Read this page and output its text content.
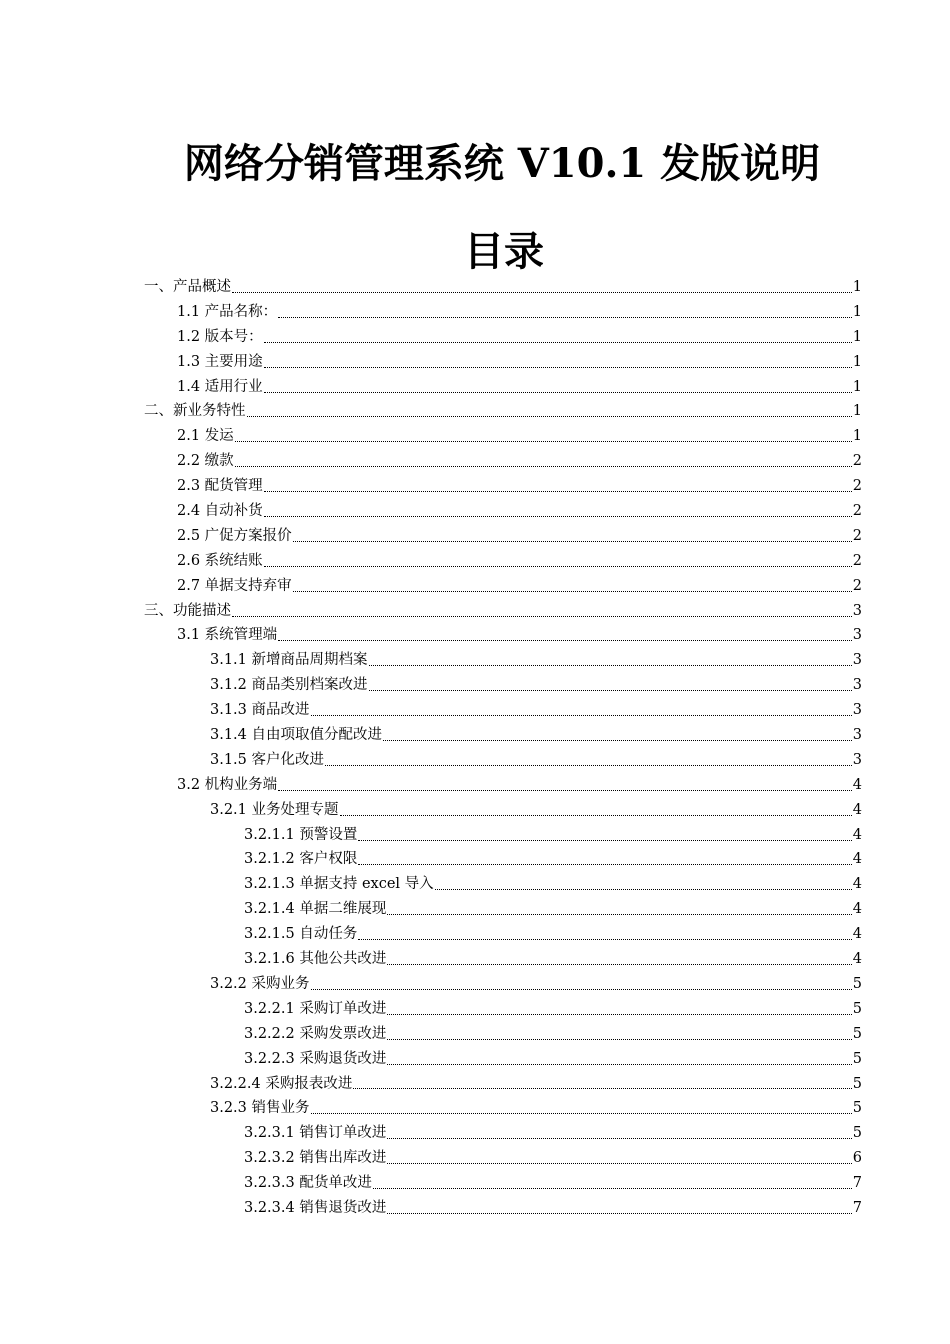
网络分销管理系统 V10.1 发版说明
目录
一、产品概述	1
1.1 产品名称：	1
1.2 版本号：	1
1.3 主要用途	1
1.4 适用行业	1
二、新业务特性	1
2.1 发运	1
2.2 缴款	2
2.3 配货管理	2
2.4 自动补货	2
2.5 广促方案报价	2
2.6 系统结账	2
2.7 单据支持弃审	2
三、功能描述	3
3.1 系统管理端	3
3.1.1 新增商品周期档案	3
3.1.2 商品类别档案改进	3
3.1.3 商品改进	3
3.1.4 自由项取值分配改进	3
3.1.5 客户化改进	3
3.2 机构业务端	4
3.2.1 业务处理专题	4
3.2.1.1 预警设置	4
3.2.1.2 客户权限	4
3.2.1.3 单据支持 excel 导入	4
3.2.1.4 单据二维展现	4
3.2.1.5 自动任务	4
3.2.1.6 其他公共改进	4
3.2.2 采购业务	5
3.2.2.1 采购订单改进	5
3.2.2.2 采购发票改进	5
3.2.2.3 采购退货改进	5
3.2.2.4 采购报表改进	5
3.2.3 销售业务	5
3.2.3.1 销售订单改进	5
3.2.3.2 销售出库改进	6
3.2.3.3 配货单改进	7
3.2.3.4 销售退货改进	7
